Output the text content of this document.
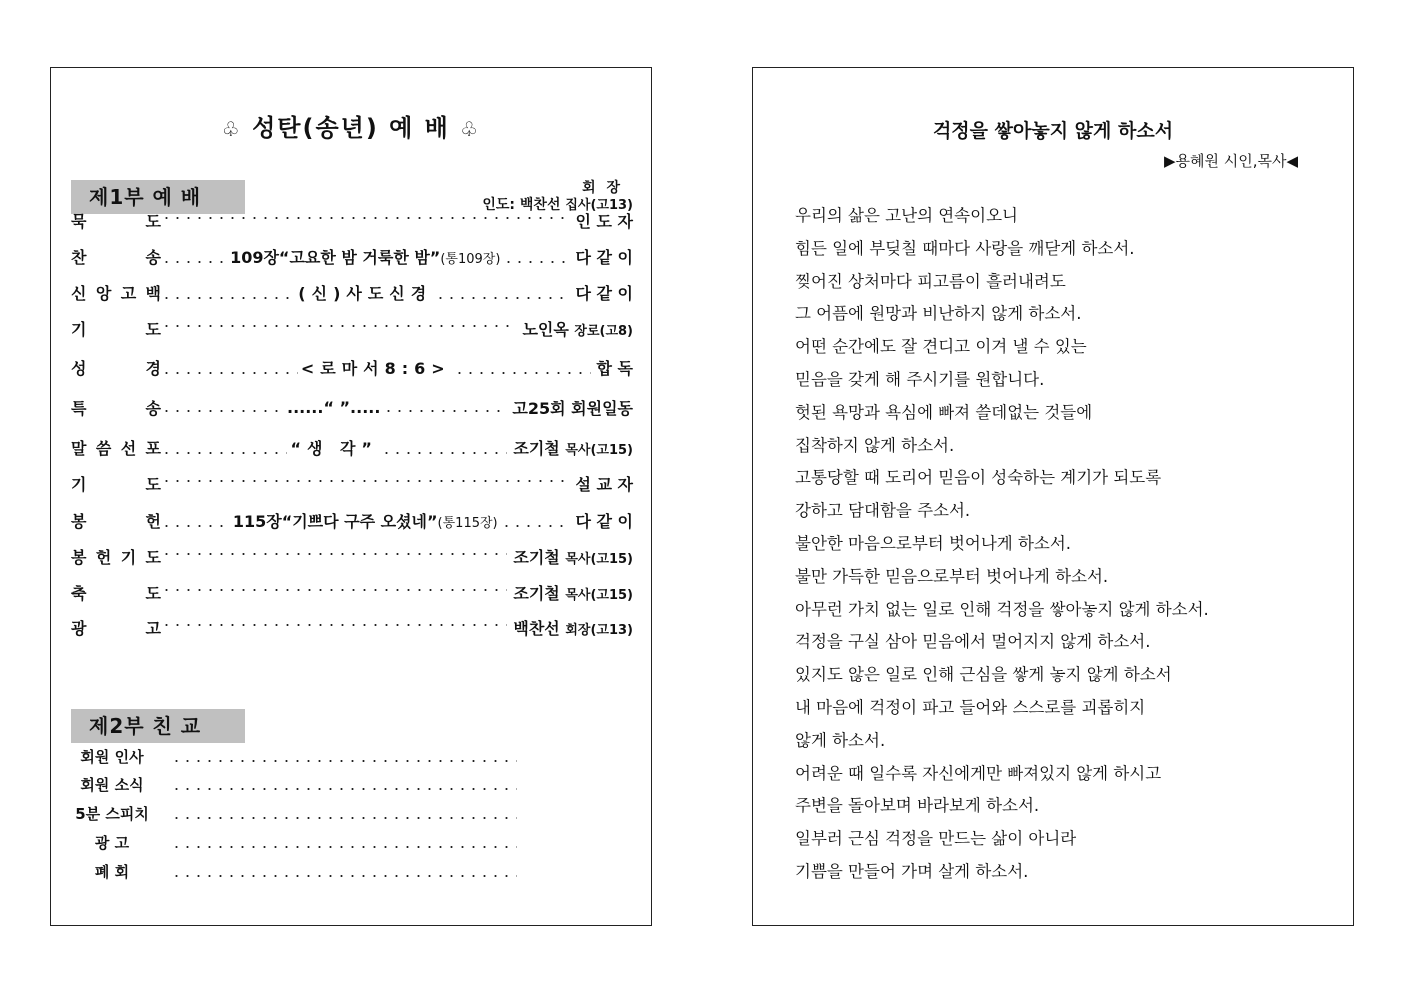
♧ 성탄(송년) 예 배 ♧
제1부 예 배	회 장
인도: 백찬선 집사(고13)
묵	도	인 도 자
찬	송	109장“고요한 밤 거룩한 밤”(통109장)	다 같 이
신 앙 고 백	(신)사도신경	다 같 이
기	도	노인옥 장로(고8)
성	경	<로마서8:6>	합 독
특	송	......“ ”.....	고25회 회원일동
말 씀 선 포	“생 각”	조기철 목사(고15)
기	도	설 교 자
봉	헌	115장“기쁘다 구주 오셨네”(통115장)	다 같 이
봉 헌 기 도	조기철 목사(고15)
축	도	조기철 목사(고15)
광	고	백찬선 회장(고13)
제2부 친 교
회원 인사
회원 소식
5분 스피치
광 고
폐 회
걱정을 쌓아놓지 않게 하소서
▶용혜원 시인,목사◀
우리의 삶은 고난의 연속이오니
힘든 일에 부딪칠 때마다 사랑을 깨닫게 하소서.
찢어진 상처마다 피고름이 흘러내려도
그 어픔에 원망과 비난하지 않게 하소서.
어떤 순간에도 잘 견디고 이겨 낼 수 있는
믿음을 갖게 해 주시기를 원합니다.
헛된 욕망과 욕심에 빠져 쓸데없는 것들에
집착하지 않게 하소서.
고통당할 때 도리어 믿음이 성숙하는 계기가 되도록
강하고 담대함을 주소서.
불안한 마음으로부터 벗어나게 하소서.
불만 가득한 믿음으로부터 벗어나게 하소서.
아무런 가치 없는 일로 인해 걱정을 쌓아놓지 않게 하소서.
걱정을 구실 삼아 믿음에서 멀어지지 않게 하소서.
있지도 않은 일로 인해 근심을 쌓게 놓지 않게 하소서
내 마음에 걱정이 파고 들어와 스스로를 괴롭히지
않게 하소서.
어려운 때 일수록 자신에게만 빠져있지 않게 하시고
주변을 돌아보며 바라보게 하소서.
일부러 근심 걱정을 만드는 삶이 아니라
기쁨을 만들어 가며 살게 하소서.
